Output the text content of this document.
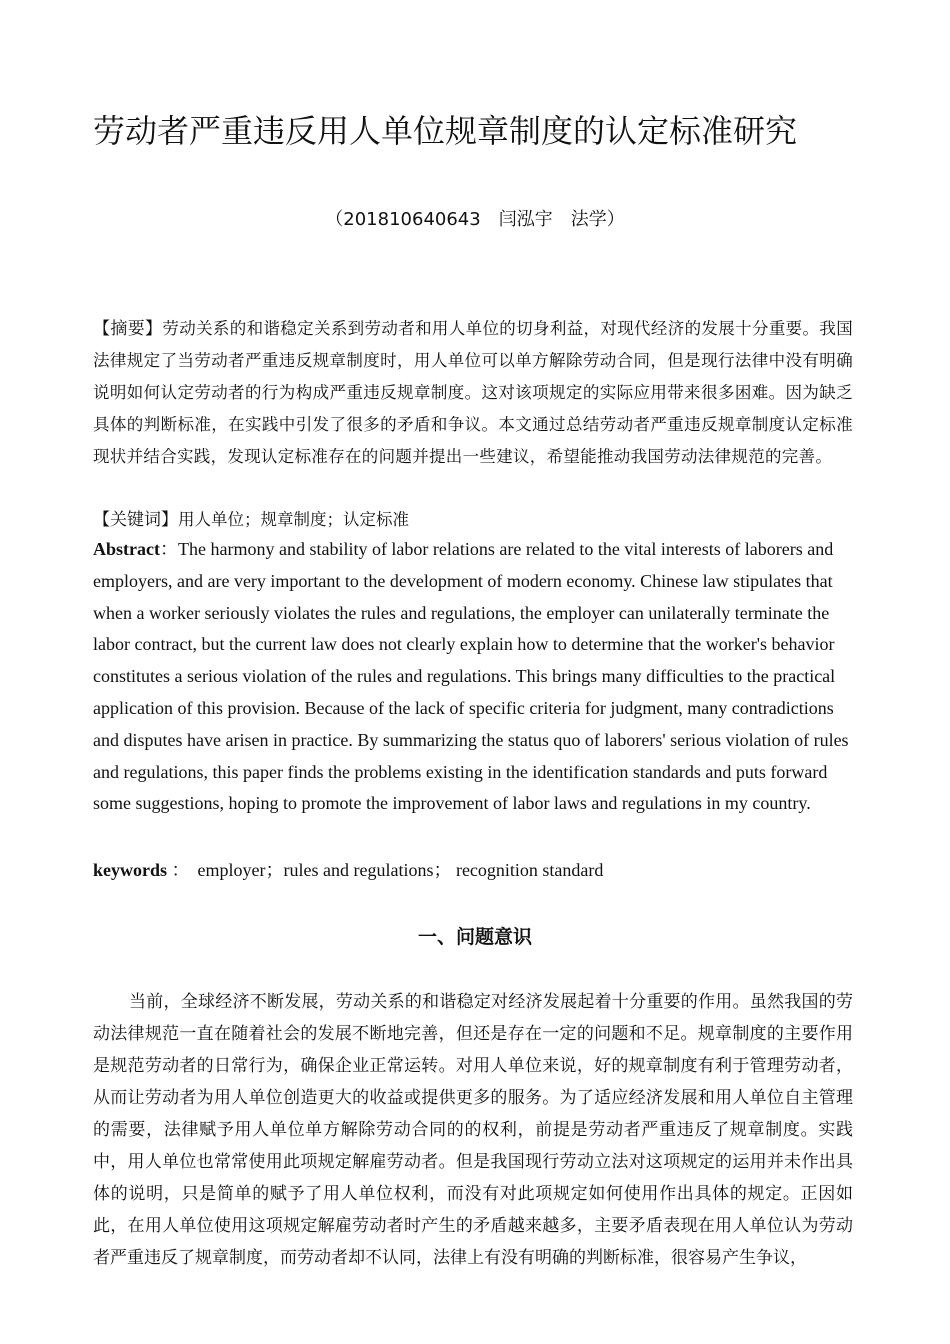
劳动者严重违反用人单位规章制度的认定标准研究
（201810640643　闫泓宇　法学）
【摘要】劳动关系的和谐稳定关系到劳动者和用人单位的切身利益，对现代经济的发展十分重要。我国法律规定了当劳动者严重违反规章制度时，用人单位可以单方解除劳动合同，但是现行法律中没有明确说明如何认定劳动者的行为构成严重违反规章制度。这对该项规定的实际应用带来很多困难。因为缺乏具体的判断标准，在实践中引发了很多的矛盾和争议。本文通过总结劳动者严重违反规章制度认定标准现状并结合实践，发现认定标准存在的问题并提出一些建议，希望能推动我国劳动法律规范的完善。
【关键词】用人单位；规章制度；认定标准
Abstract：The harmony and stability of labor relations are related to the vital interests of laborers and employers, and are very important to the development of modern economy. Chinese law stipulates that when a worker seriously violates the rules and regulations, the employer can unilaterally terminate the labor contract, but the current law does not clearly explain how to determine that the worker's behavior constitutes a serious violation of the rules and regulations. This brings many difficulties to the practical application of this provision. Because of the lack of specific criteria for judgment, many contradictions and disputes have arisen in practice. By summarizing the status quo of laborers' serious violation of rules and regulations, this paper finds the problems existing in the identification standards and puts forward some suggestions, hoping to promote the improvement of labor laws and regulations in my country.
keywords ： employer；rules and regulations； recognition standard
一、问题意识

当前，全球经济不断发展，劳动关系的和谐稳定对经济发展起着十分重要的作用。虽然我国的劳动法律规范一直在随着社会的发展不断地完善，但还是存在一定的问题和不足。规章制度的主要作用是规范劳动者的日常行为，确保企业正常运转。对用人单位来说，好的规章制度有利于管理劳动者，从而让劳动者为用人单位创造更大的收益或提供更多的服务。为了适应经济发展和用人单位自主管理的需要，法律赋予用人单位单方解除劳动合同的的权利，前提是劳动者严重违反了规章制度。实践中，用人单位也常常使用此项规定解雇劳动者。但是我国现行劳动立法对这项规定的运用并未作出具体的说明，只是简单的赋予了用人单位权利，而没有对此项规定如何使用作出具体的规定。正因如此，在用人单位使用这项规定解雇劳动者时产生的矛盾越来越多，主要矛盾表现在用人单位认为劳动者严重违反了规章制度，而劳动者却不认同，法律上有没有明确的判断标准，很容易产生争议，
